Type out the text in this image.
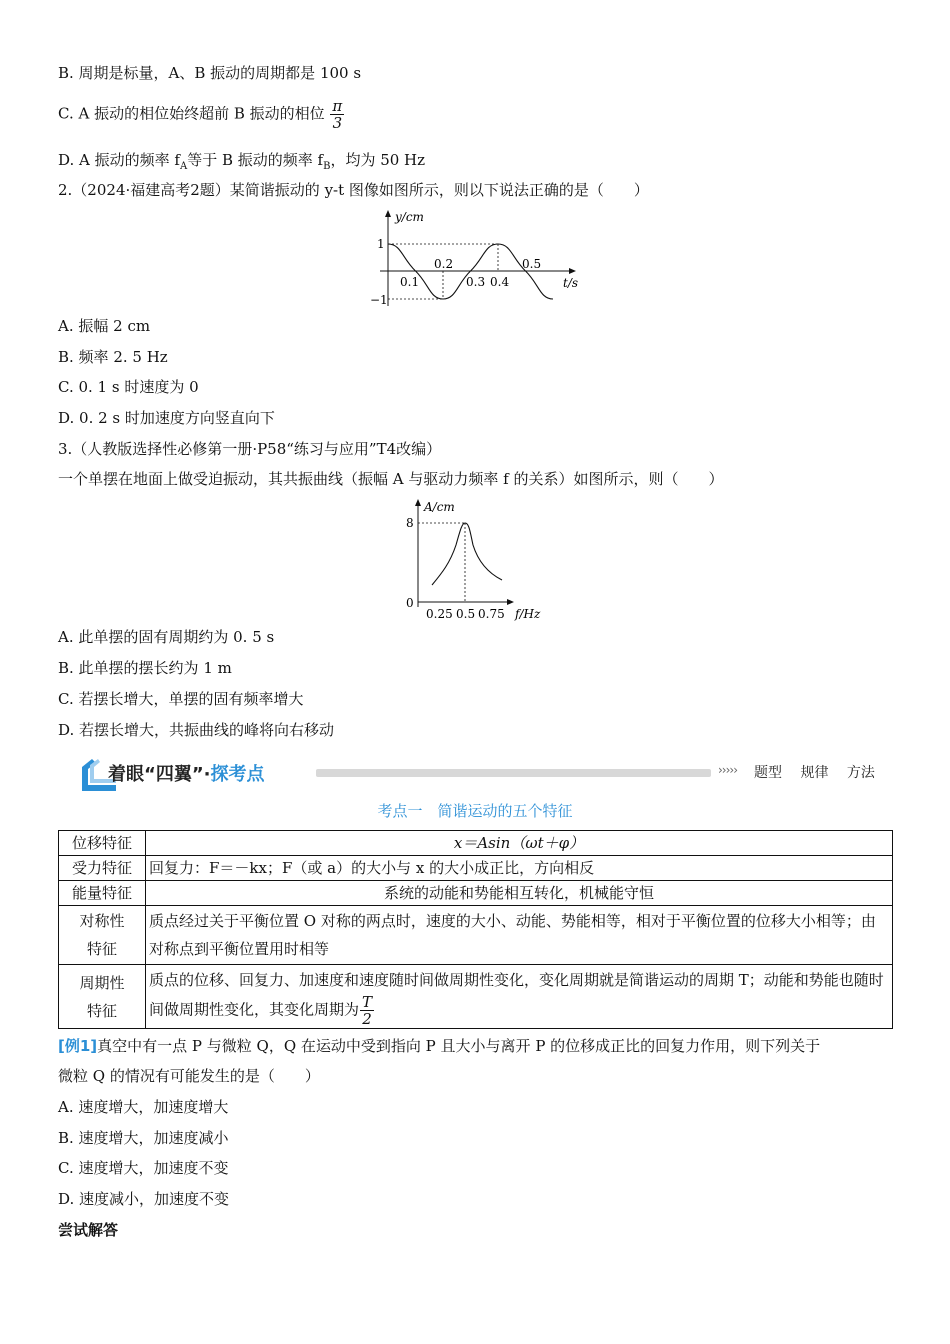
B. 周期是标量，A、B 振动的周期都是 100 s
C. A 振动的相位始终超前 B 振动的相位 $\frac{\pi}{3}$
D. A 振动的频率 $f_A$等于 B 振动的频率 $f_B$，均为 50 Hz
2.（2024·福建高考2题）某简谐振动的 y-t 图像如图所示，则以下说法正确的是（　　）
y/cm
1
−1
0.1
0.2
0.3 0.4
0.5
t/s
A. 振幅 2 cm
B. 频率 2. 5 Hz
C. 0. 1 s 时速度为 0
D. 0. 2 s 时加速度方向竖直向下
3.（人教版选择性必修第一册·P58“练习与应用”T4改编）
一个单摆在地面上做受迫振动，其共振曲线（振幅 A 与驱动力频率 f 的关系）如图所示，则（　　）
A/cm
8
0
0.25 0.5 0.75 f/Hz
A. 此单摆的固有周期约为 0. 5 s
B. 此单摆的摆长约为 1 m
C. 若摆长增大，单摆的固有频率增大
D. 若摆长增大，共振曲线的峰将向右移动
着眼“四翼”·探考点	››››› 题型 规律 方法
考点一　简谐运动的五个特征
位移特征	x＝Asin（ωt＋φ）
受力特征	回复力：F＝－kx；F（或 a）的大小与 x 的大小成正比，方向相反
能量特征	系统的动能和势能相互转化，机械能守恒
对称性
特征	质点经过关于平衡位置 O 对称的两点时，速度的大小、动能、势能相等，相对于平衡位置的位移大小相等；由对称点到平衡位置用时相等
周期性
特征	质点的位移、回复力、加速度和速度随时间做周期性变化，变化周期就是简谐运动的周期 T；动能和势能也随时间做周期性变化，其变化周期为 $\frac{T}{2}$
[例1]真空中有一点 P 与微粒 Q，Q 在运动中受到指向 P 且大小与离开 P 的位移成正比的回复力作用，则下列关于
微粒 Q 的情况有可能发生的是（　　）
A. 速度增大，加速度增大
B. 速度增大，加速度减小
C. 速度增大，加速度不变
D. 速度减小，加速度不变
尝试解答
